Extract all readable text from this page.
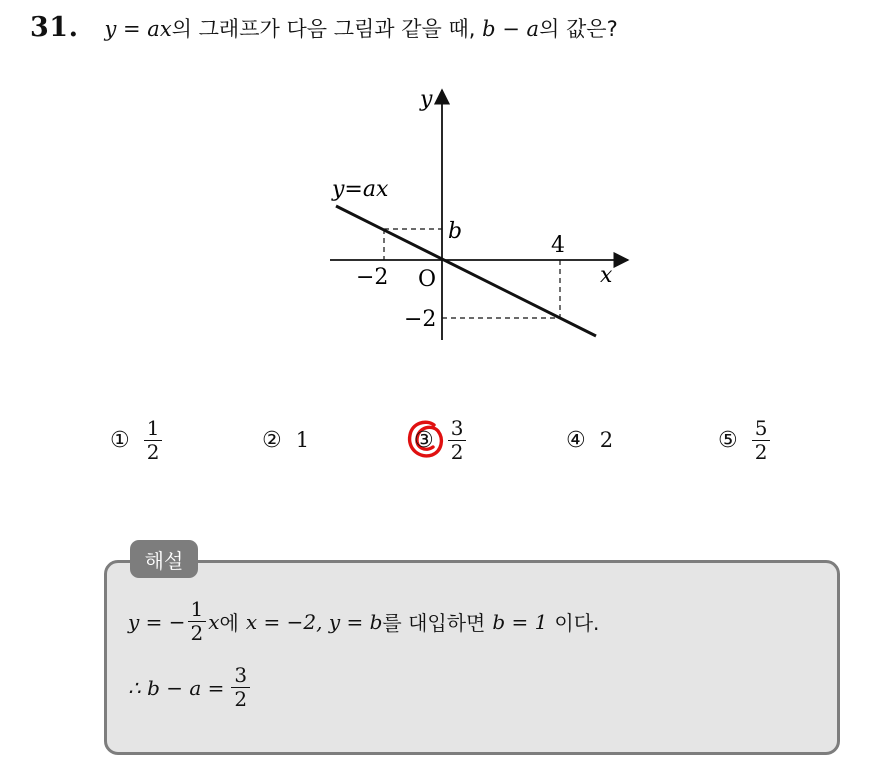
31. y = ax의 그래프가 다음 그림과 같을 때, b − a의 값은?
y
x
O
y=ax
b
−2
4
−2
① $\frac{1}{2}$	② 1	③ $\frac{3}{2}$	④ 2	⑤ $\frac{5}{2}$
해설
y = − $\frac{1}{2}$ x 에 x = −2, y = b 를 대입하면 b = 1 이다.
∴ $b - a = \frac{3}{2}$
